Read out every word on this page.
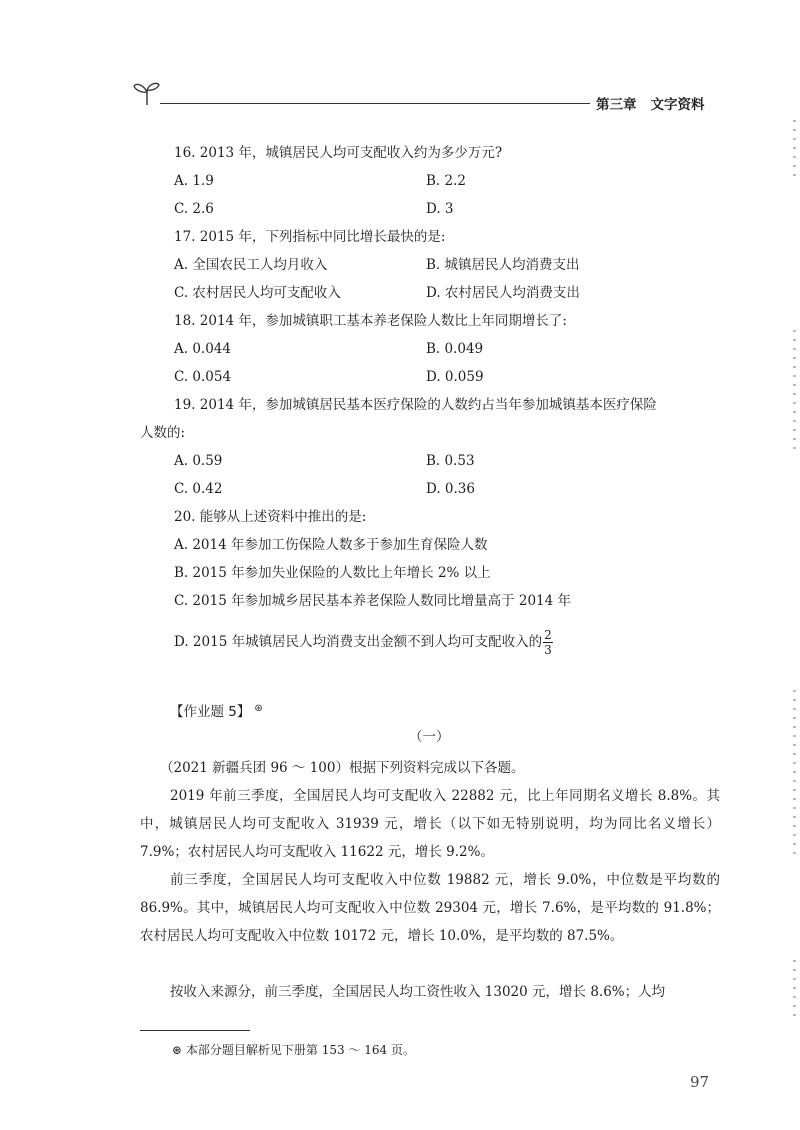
第三章 文字资料
16. 2013 年，城镇居民人均可支配收入约为多少万元?
A. 1.9	B. 2.2
C. 2.6	D. 3
17. 2015 年，下列指标中同比增长最快的是:
A. 全国农民工人均月收入	B. 城镇居民人均消费支出
C. 农村居民人均可支配收入	D. 农村居民人均消费支出
18. 2014 年，参加城镇职工基本养老保险人数比上年同期增长了:
A. 0.044	B. 0.049
C. 0.054	D. 0.059
19. 2014 年，参加城镇居民基本医疗保险的人数约占当年参加城镇基本医疗保险
人数的:
A. 0.59	B. 0.53
C. 0.42	D. 0.36
20. 能够从上述资料中推出的是:
A. 2014 年参加工伤保险人数多于参加生育保险人数
B. 2015 年参加失业保险的人数比上年增长 2% 以上
C. 2015 年参加城乡居民基本养老保险人数同比增量高于 2014 年
D. 2015 年城镇居民人均消费支出金额不到人均可支配收入的 $\frac{2}{3}$
【作业题 5】 ⊛
（一）
（2021 新疆兵团 96 ～ 100）根据下列资料完成以下各题。
2019 年前三季度，全国居民人均可支配收入 22882 元，比上年同期名义增长 8.8%。其中，城镇居民人均可支配收入 31939 元，增长（以下如无特别说明，均为同比名义增长）7.9%；农村居民人均可支配收入 11622 元，增长 9.2%。
前三季度，全国居民人均可支配收入中位数 19882 元，增长 9.0%，中位数是平均数的 86.9%。其中，城镇居民人均可支配收入中位数 29304 元，增长 7.6%，是平均数的 91.8%；农村居民人均可支配收入中位数 10172 元，增长 10.0%，是平均数的 87.5%。
按收入来源分，前三季度，全国居民人均工资性收入 13020 元，增长 8.6%；人均
⊛ 本部分题目解析见下册第 153 ～ 164 页。
97
